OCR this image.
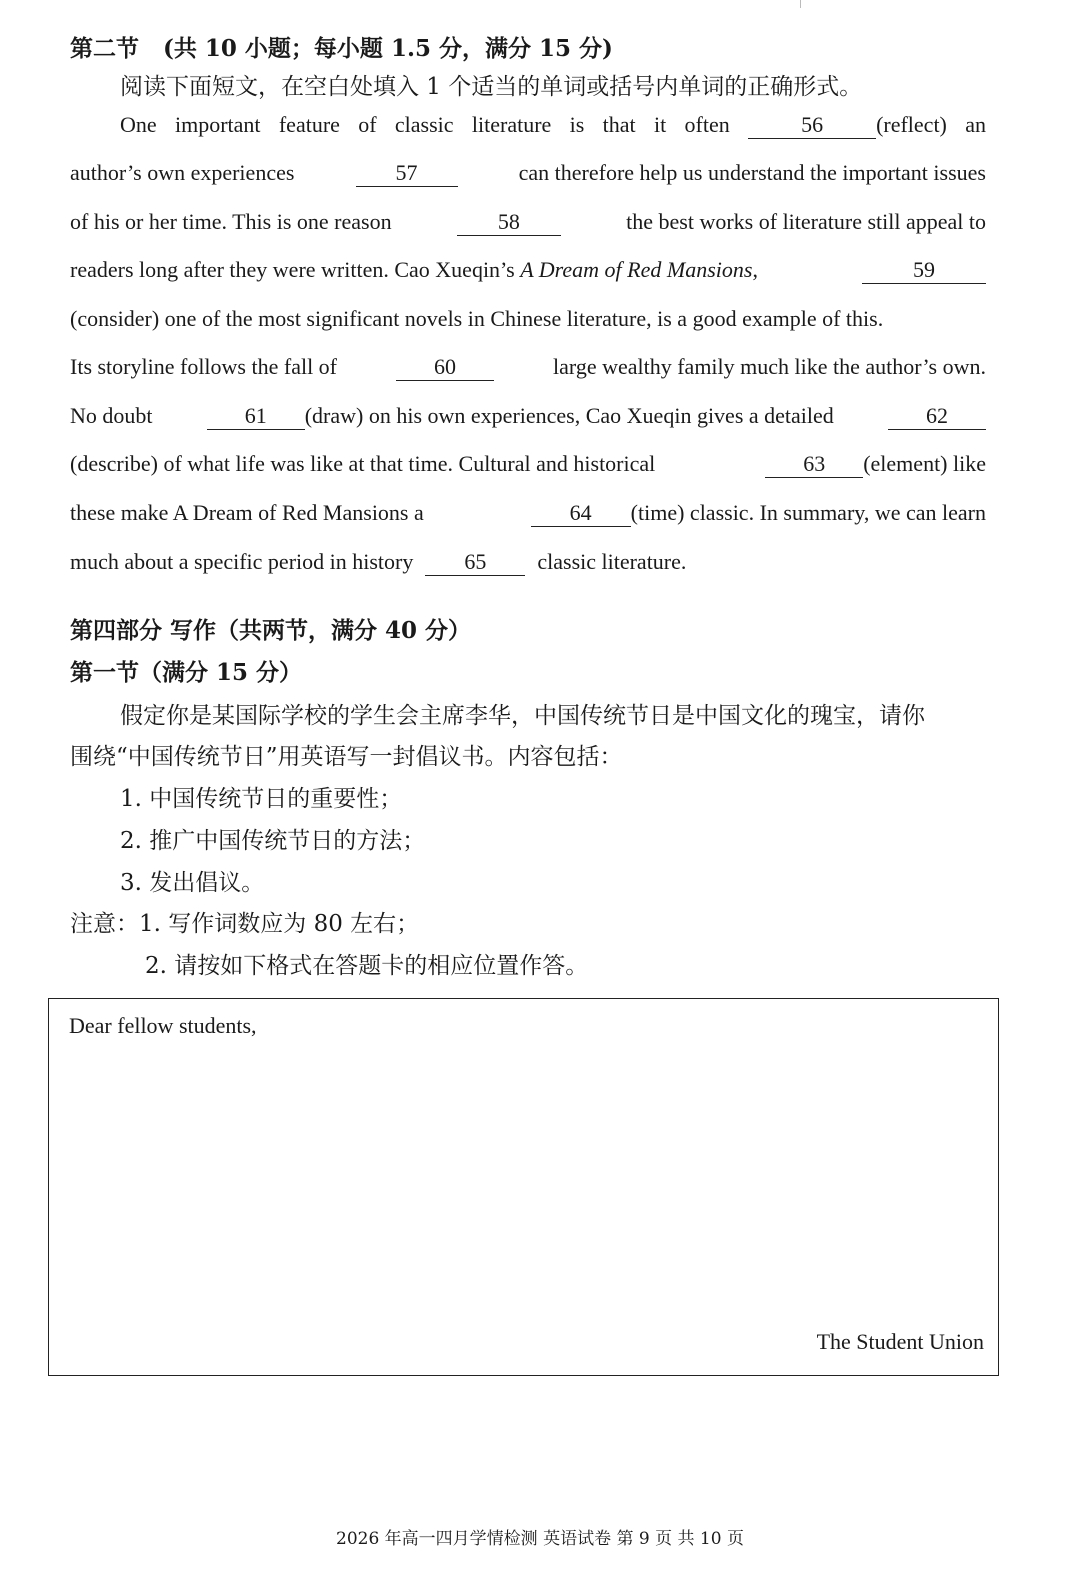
第二节 (共 10 小题；每小题 1.5 分，满分 15 分)
阅读下面短文，在空白处填入 1 个适当的单词或括号内单词的正确形式。
One important feature of classic literature is that it often	56 (reflect) an
author’s own experiences	57	can therefore help us understand the important issues
of his or her time. This is one reason	58	the best works of literature still appeal to
readers long after they were written. Cao Xueqin’s A Dream of Red Mansions,	59
(consider) one of the most significant novels in Chinese literature, is a good example of this.
Its storyline follows the fall of	60	large wealthy family much like the author’s own.
No doubt	61 (draw) on his own experiences, Cao Xueqin gives a detailed	62
(describe) of what life was like at that time. Cultural and historical	63 (element) like
these make A Dream of Red Mansions a	64 (time) classic. In summary, we can learn
much about a specific period in history	65	classic literature.
第四部分 写作（共两节，满分 40 分）
第一节（满分 15 分）
假定你是某国际学校的学生会主席李华，中国传统节日是中国文化的瑰宝，请你
围绕“中国传统节日”用英语写一封倡议书。内容包括：
1. 中国传统节日的重要性；
2. 推广中国传统节日的方法；
3. 发出倡议。
注意：1. 写作词数应为 80 左右；
2. 请按如下格式在答题卡的相应位置作答。
Dear fellow students,
The Student Union
2026 年高一四月学情检测 英语试卷 第 9 页 共 10 页
